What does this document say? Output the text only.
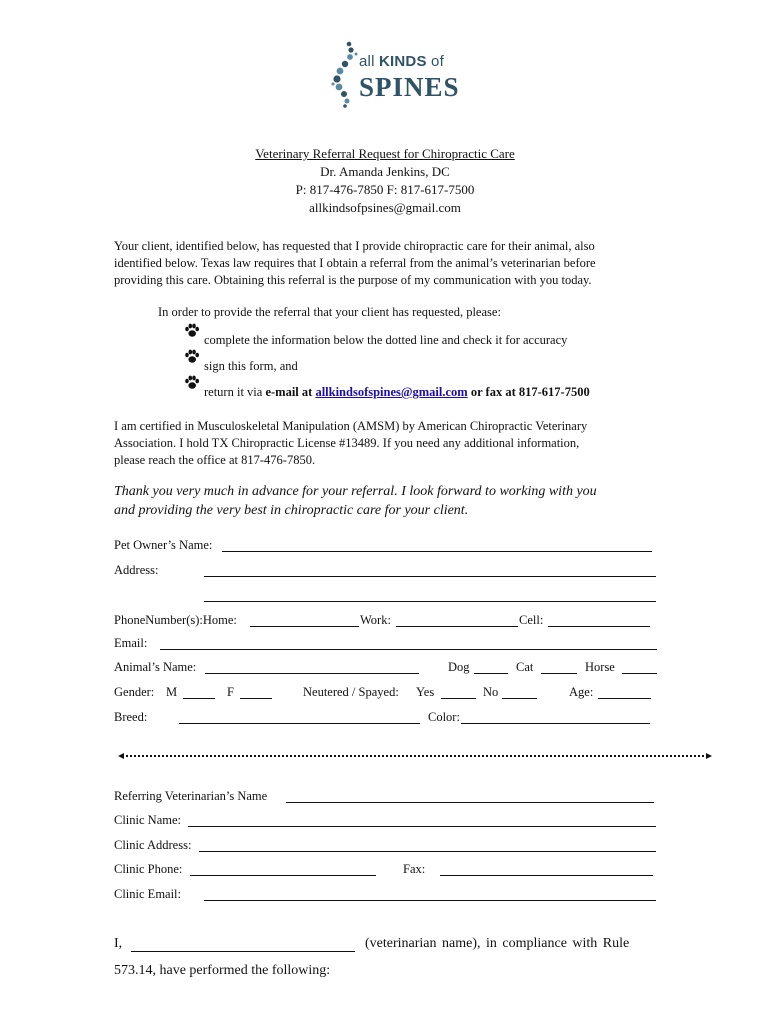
all KINDS of
SPINES
Veterinary Referral Request for Chiropractic Care
Dr. Amanda Jenkins, DC
P: 817-476-7850 F: 817-617-7500
allkindsofpsines@gmail.com
Your client, identified below, has requested that I provide chiropractic care for their animal, also
identified below. Texas law requires that I obtain a referral from the animal’s veterinarian before
providing this care. Obtaining this referral is the purpose of my communication with you today.
In order to provide the referral that your client has requested, please:
complete the information below the dotted line and check it for accuracy
sign this form, and
return it via e-mail at allkindsofspines@gmail.com or fax at 817-617-7500
I am certified in Musculoskeletal Manipulation (AMSM) by American Chiropractic Veterinary
Association. I hold TX Chiropractic License #13489. If you need any additional information,
please reach the office at 817-476-7850.
Thank you very much in advance for your referral. I look forward to working with you
and providing the very best in chiropractic care for your client.
Pet Owner’s Name:
Address:
PhoneNumber(s):Home:	Work:	Cell:
Email:
Animal’s Name:	Dog	Cat	Horse
Gender: M	F	Neutered / Spayed: Yes	No	Age:
Breed:	Color:
Referring Veterinarian’s Name
Clinic Name:
Clinic Address:
Clinic Phone:	Fax:
Clinic Email:
I,	(veterinarian name), in compliance with Rule
573.14, have performed the following:
